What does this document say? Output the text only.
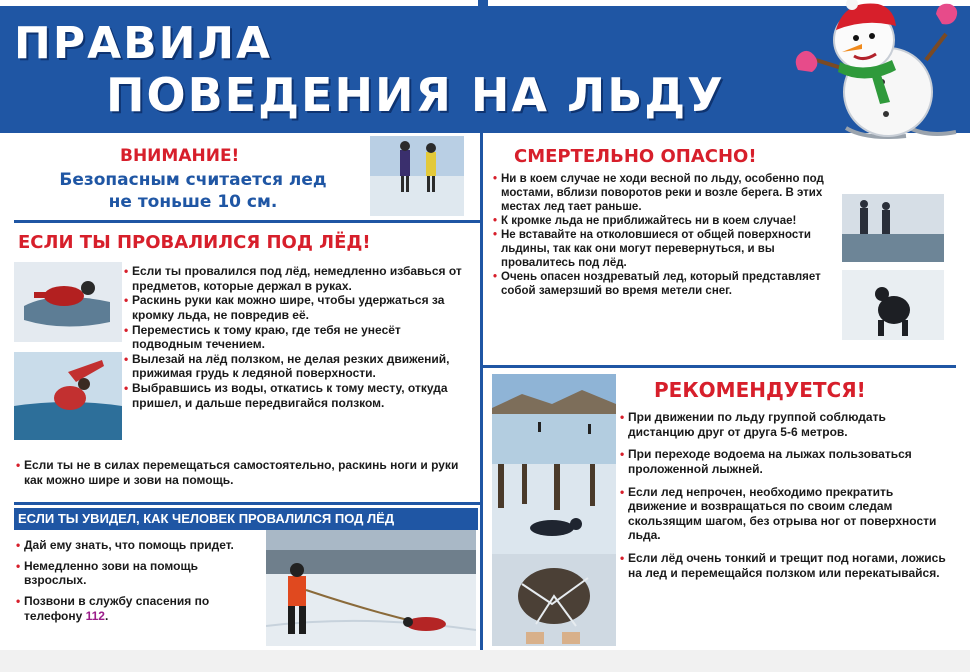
ПРАВИЛА
ПОВЕДЕНИЯ НА ЛЬДУ
ВНИМАНИЕ!
Безопасным считается лед
не тоньше 10 см.
ЕСЛИ ТЫ ПРОВАЛИЛСЯ ПОД ЛЁД!
• Если ты провалился под лёд, немедленно избавься от предметов, которые держал в руках.
• Раскинь руки как можно шире, чтобы удержаться за кромку льда, не повредив её.
• Переместись к тому краю, где тебя не унесёт подводным течением.
• Вылезай на лёд ползком, не делая резких движений, прижимая грудь к ледяной поверхности.
• Выбравшись из воды, откатись к тому месту, откуда пришел, и дальше передвигайся ползком.
• Если ты не в силах перемещаться самостоятельно, раскинь ноги и руки как можно шире и зови на помощь.
ЕСЛИ ТЫ УВИДЕЛ, КАК ЧЕЛОВЕК ПРОВАЛИЛСЯ ПОД ЛЁД
• Дай ему знать, что помощь придет.
• Немедленно зови на помощь взрослых.
• Позвони в службу спасения по телефону 112.
СМЕРТЕЛЬНО ОПАСНО!
• Ни в коем случае не ходи весной по льду, особенно под мостами, вблизи поворотов реки и возле берега. В этих местах лед тает раньше.
• К кромке льда не приближайтесь ни в коем случае!
• Не вставайте на отколовшиеся от общей поверхности льдины, так как они могут перевернуться, и вы провалитесь под лёд.
• Очень опасен ноздреватый лед, который представляет собой замерзший во время метели снег.
РЕКОМЕНДУЕТСЯ!
• При движении по льду группой соблюдать дистанцию друг от друга 5-6 метров.
• При переходе водоема на лыжах пользоваться проложенной лыжней.
• Если лед непрочен, необходимо прекратить движение и возвращаться по своим следам скользящим шагом, без отрыва ног от поверхности льда.
• Если лёд очень тонкий и трещит под ногами, ложись на лед и перемещайся ползком или перекатывайся.
